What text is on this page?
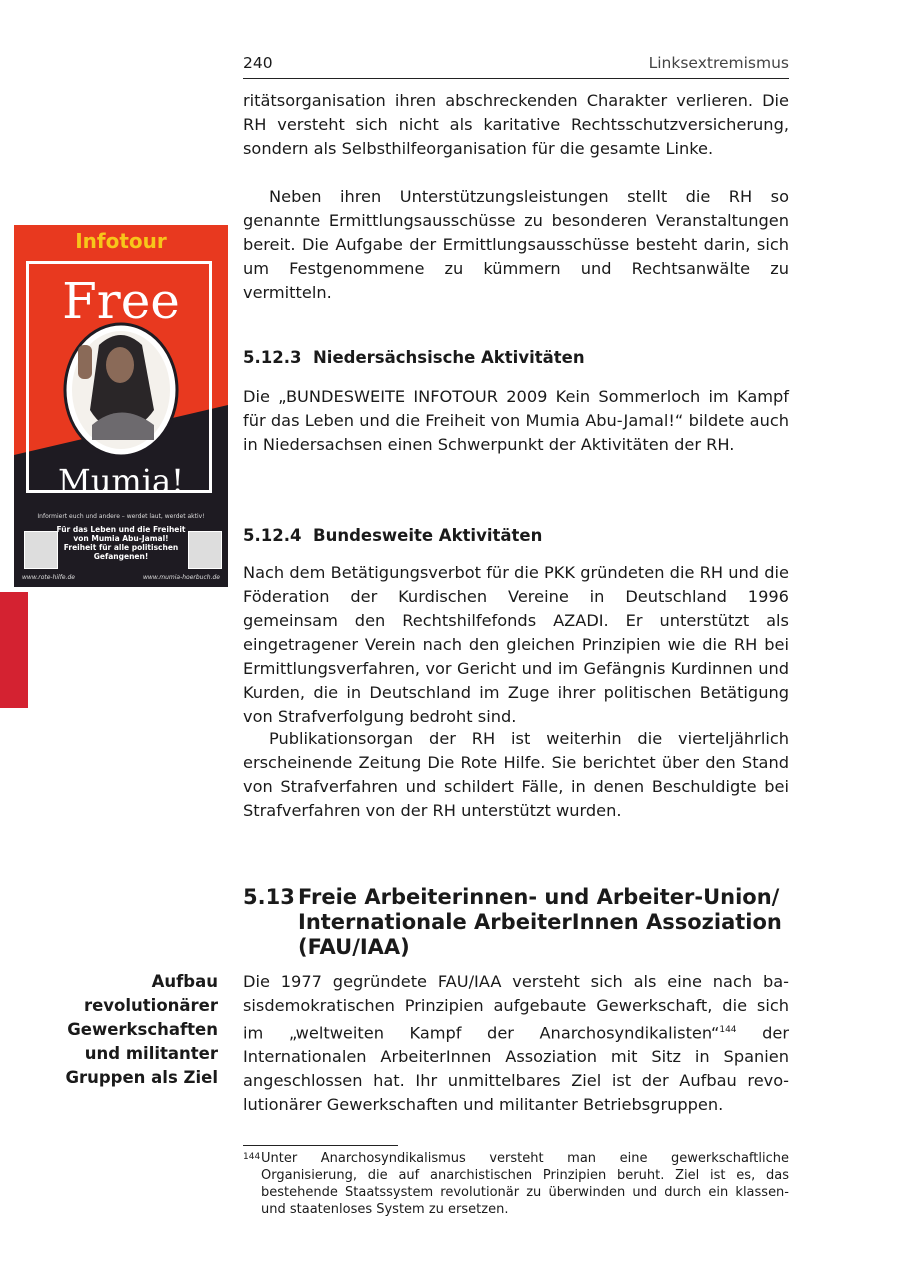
240	Linksextremismus
Infotour
Free
Mumia!
Informiert euch und andere – werdet laut, werdet aktiv!
Für das Leben und die Freiheit von Mumia Abu-Jamal!
Freiheit für alle politischen Gefangenen!
www.rote-hilfe.de	www.mumia-hoerbuch.de

ritätsorganisation ihren abschreckenden Charakter verlieren. Die RH versteht sich nicht als karitative Rechtsschutzversicherung, sondern als Selbsthilfeorganisation für die gesamte Linke.

Neben ihren Unterstützungsleistungen stellt die RH so genannte Ermittlungsausschüsse zu besonderen Veranstaltungen bereit. Die Aufgabe der Ermittlungsausschüsse besteht darin, sich um Festgenommene zu kümmern und Rechtsanwälte zu vermitteln.

5.12.3 Niedersächsische Aktivitäten

Die „BUNDESWEITE INFOTOUR 2009 Kein Sommerloch im Kampf für das Leben und die Freiheit von Mumia Abu-Jamal!“ bildete auch in Niedersachsen einen Schwerpunkt der Aktivitäten der RH.

5.12.4 Bundesweite Aktivitäten

Nach dem Betätigungsverbot für die PKK gründeten die RH und die Föderation der Kurdischen Vereine in Deutschland 1996 gemeinsam den Rechtshilfefonds AZADI. Er unterstützt als eingetragener Verein nach den gleichen Prinzipien wie die RH bei Ermittlungsverfahren, vor Gericht und im Gefängnis Kurdinnen und Kurden, die in Deutschland im Zuge ihrer politischen Betätigung von Strafverfolgung bedroht sind.

Publikationsorgan der RH ist weiterhin die vierteljährlich erscheinende Zeitung Die Rote Hilfe. Sie berichtet über den Stand von Strafverfahren und schildert Fälle, in denen Beschuldigte bei Strafverfahren von der RH unterstützt wurden.

5.13 Freie Arbeiterinnen- und Arbeiter-Union/ Internationale ArbeiterInnen Assoziation (FAU/IAA)
Aufbau revolutionärer Gewerkschaften und militanter Gruppen als Ziel

Die 1977 gegründete FAU/IAA versteht sich als eine nach basisdemokratischen Prinzipien aufgebaute Gewerkschaft, die sich im „weltweiten Kampf der Anarchosyndikalisten“$^{144}$ der Internationalen ArbeiterInnen Assoziation mit Sitz in Spanien angeschlossen hat. Ihr unmittelbares Ziel ist der Aufbau revolutionärer Gewerkschaften und militanter Betriebsgruppen.

144 Unter Anarchosyndikalismus versteht man eine gewerkschaftliche Organisierung, die auf anarchistischen Prinzipien beruht. Ziel ist es, das bestehende Staatssystem revolutionär zu überwinden und durch ein klassen- und staatenloses System zu ersetzen.
